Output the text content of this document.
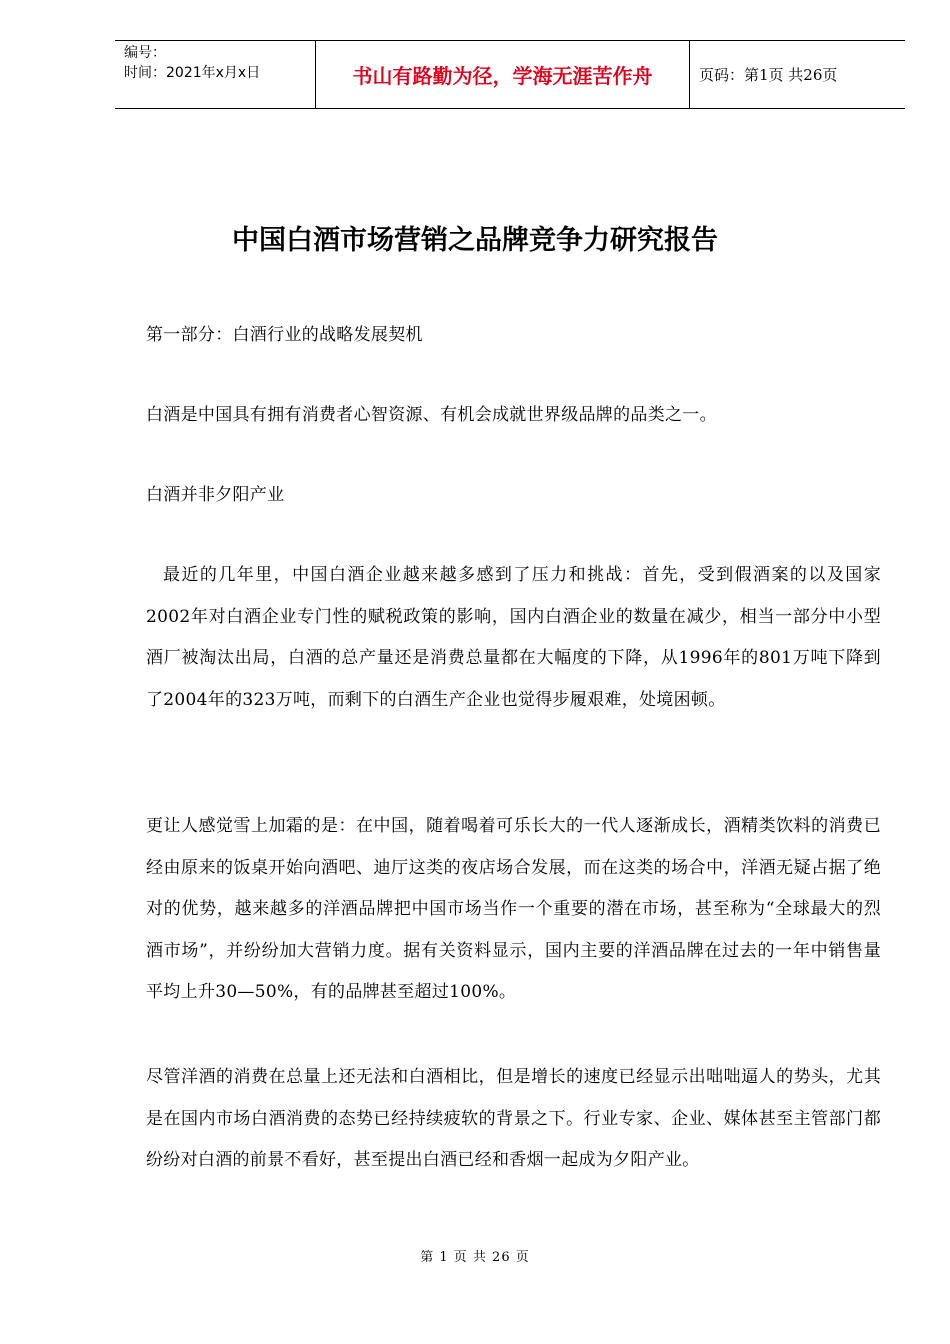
编号：
时间：2021年x月x日	书山有路勤为径，学海无涯苦作舟	页码：第1页 共26页
中国白酒市场营销之品牌竞争力研究报告
第一部分：白酒行业的战略发展契机
白酒是中国具有拥有消费者心智资源、有机会成就世界级品牌的品类之一。
白酒并非夕阳产业
最近的几年里，中国白酒企业越来越多感到了压力和挑战：首先，受到假酒案的以及国家2002年对白酒企业专门性的赋税政策的影响，国内白酒企业的数量在减少，相当一部分中小型酒厂被淘汰出局，白酒的总产量还是消费总量都在大幅度的下降，从1996年的801万吨下降到了2004年的323万吨，而剩下的白酒生产企业也觉得步履艰难，处境困顿。
更让人感觉雪上加霜的是：在中国，随着喝着可乐长大的一代人逐渐成长，酒精类饮料的消费已经由原来的饭桌开始向酒吧、迪厅这类的夜店场合发展，而在这类的场合中，洋酒无疑占据了绝对的优势，越来越多的洋酒品牌把中国市场当作一个重要的潜在市场，甚至称为“全球最大的烈酒市场”，并纷纷加大营销力度。据有关资料显示，国内主要的洋酒品牌在过去的一年中销售量平均上升30—50%，有的品牌甚至超过100%。
尽管洋酒的消费在总量上还无法和白酒相比，但是增长的速度已经显示出咄咄逼人的势头，尤其是在国内市场白酒消费的态势已经持续疲软的背景之下。行业专家、企业、媒体甚至主管部门都纷纷对白酒的前景不看好，甚至提出白酒已经和香烟一起成为夕阳产业。
第 1 页 共 26 页
